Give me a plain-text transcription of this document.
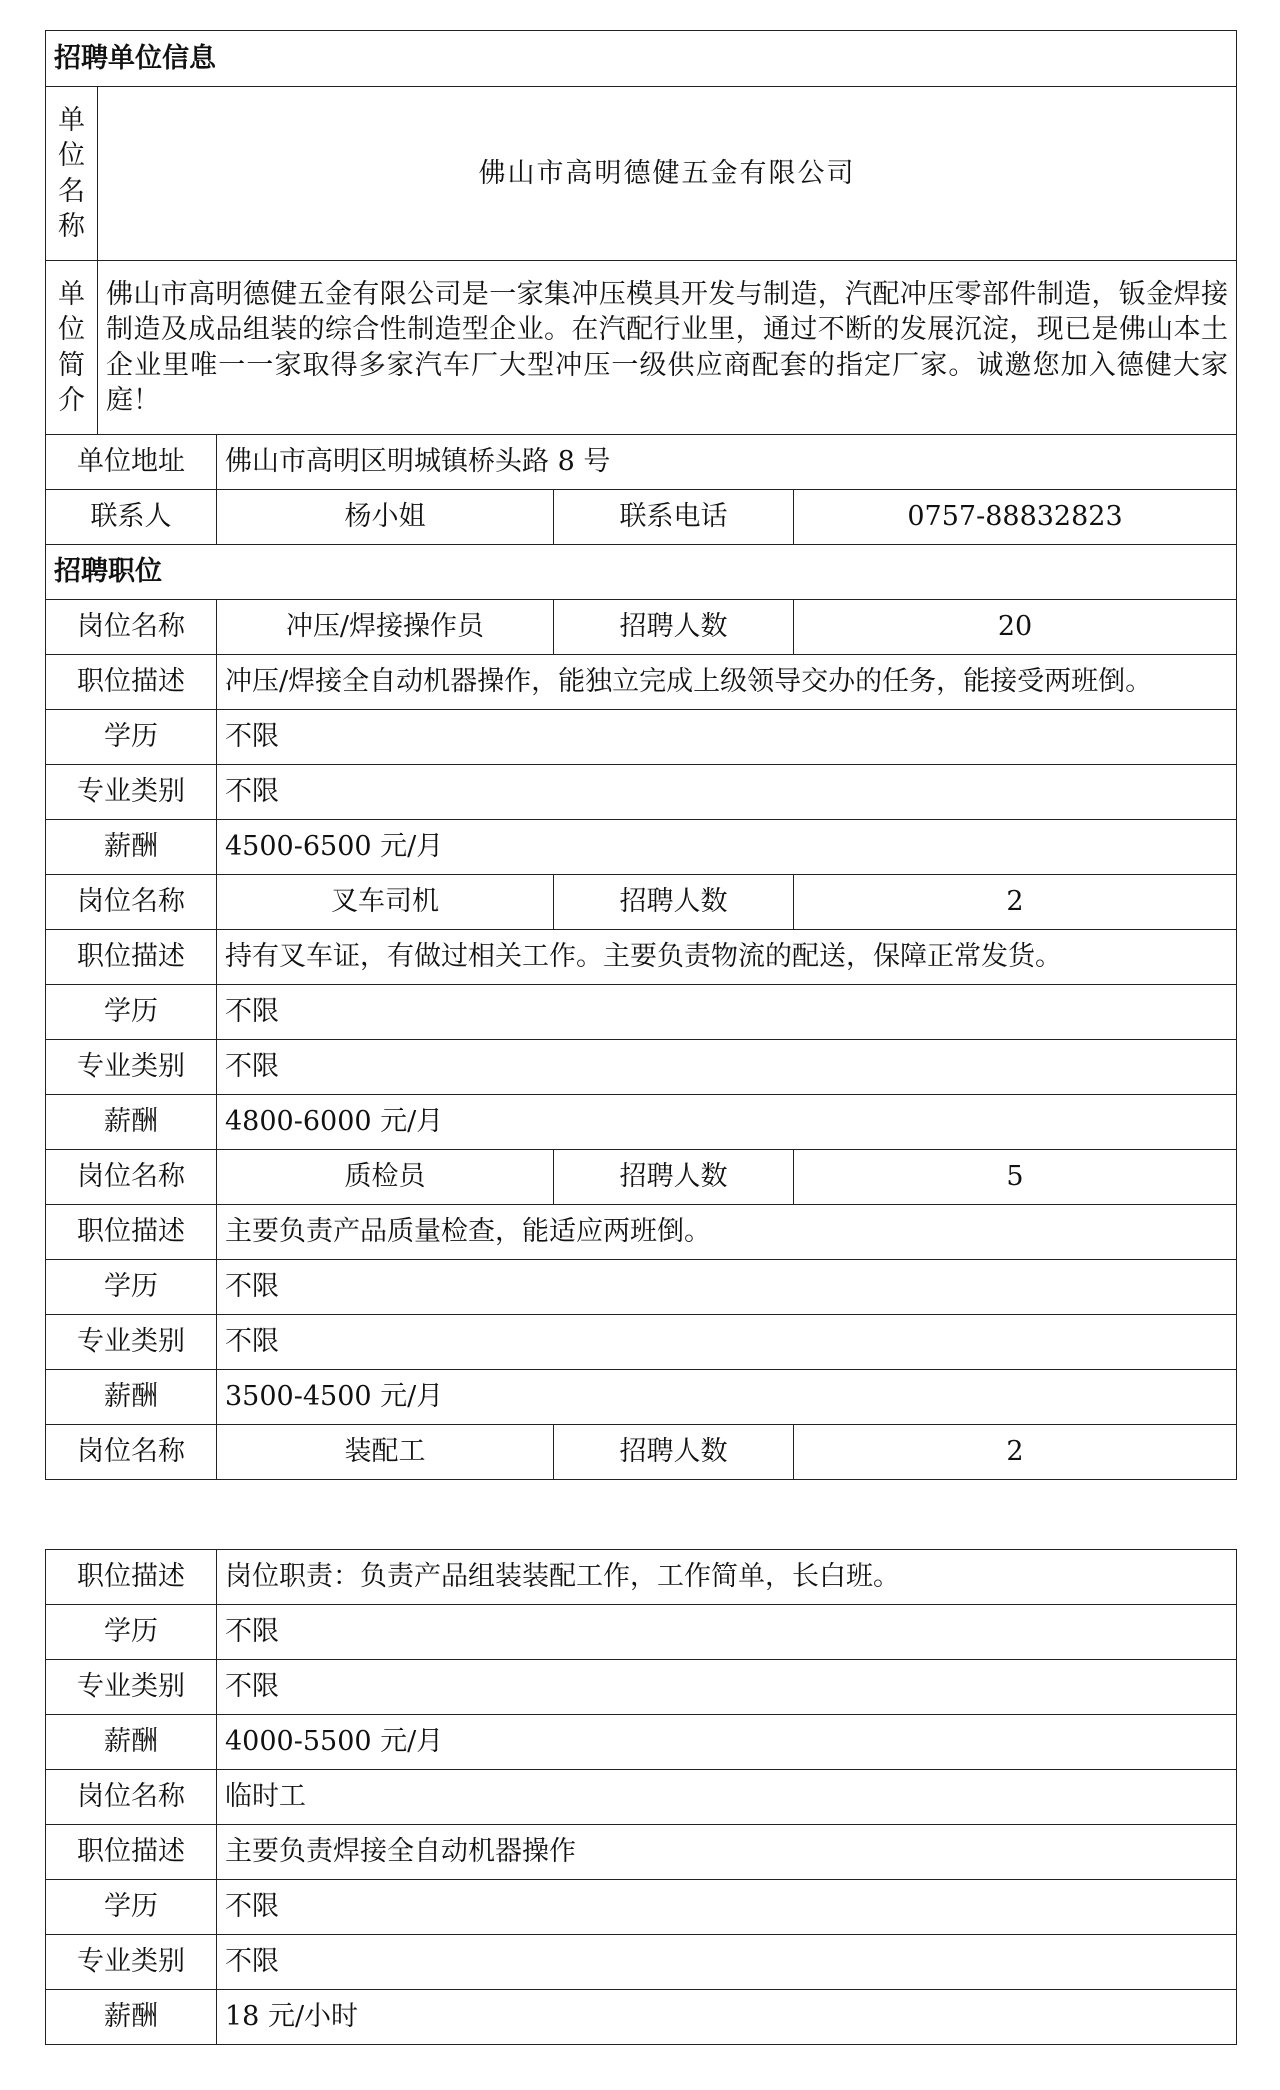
招聘单位信息				

单
位
名
称	佛山市高明德健五金有限公司			

单
位
简
介	佛山市高明德健五金有限公司是一家集冲压模具开发与制造，汽配冲压零部件制造，钣金焊接制造及成品组装的综合性制造型企业。在汽配行业里，通过不断的发展沉淀，现已是佛山本土企业里唯一一家取得多家汽车厂大型冲压一级供应商配套的指定厂家。诚邀您加入德健大家庭！			
单位地址		佛山市高明区明城镇桥头路 8 号		
联系人		杨小姐	联系电话	0757-88832823
招聘职位				
岗位名称		冲压/焊接操作员	招聘人数	20
职位描述		冲压/焊接全自动机器操作，能独立完成上级领导交办的任务，能接受两班倒。		
学历		不限		
专业类别		不限		
薪酬		4500-6500 元/月		
岗位名称		叉车司机	招聘人数	2
职位描述		持有叉车证，有做过相关工作。主要负责物流的配送，保障正常发货。		
学历		不限		
专业类别		不限		
薪酬		4800-6000 元/月		
岗位名称		质检员	招聘人数	5
职位描述		主要负责产品质量检查，能适应两班倒。		
学历		不限		
专业类别		不限		
薪酬		3500-4500 元/月		
岗位名称		装配工	招聘人数	2
职位描述	岗位职责：负责产品组装装配工作，工作简单，长白班。
学历	不限
专业类别	不限
薪酬	4000-5500 元/月
岗位名称	临时工
职位描述	主要负责焊接全自动机器操作
学历	不限
专业类别	不限
薪酬	18 元/小时
